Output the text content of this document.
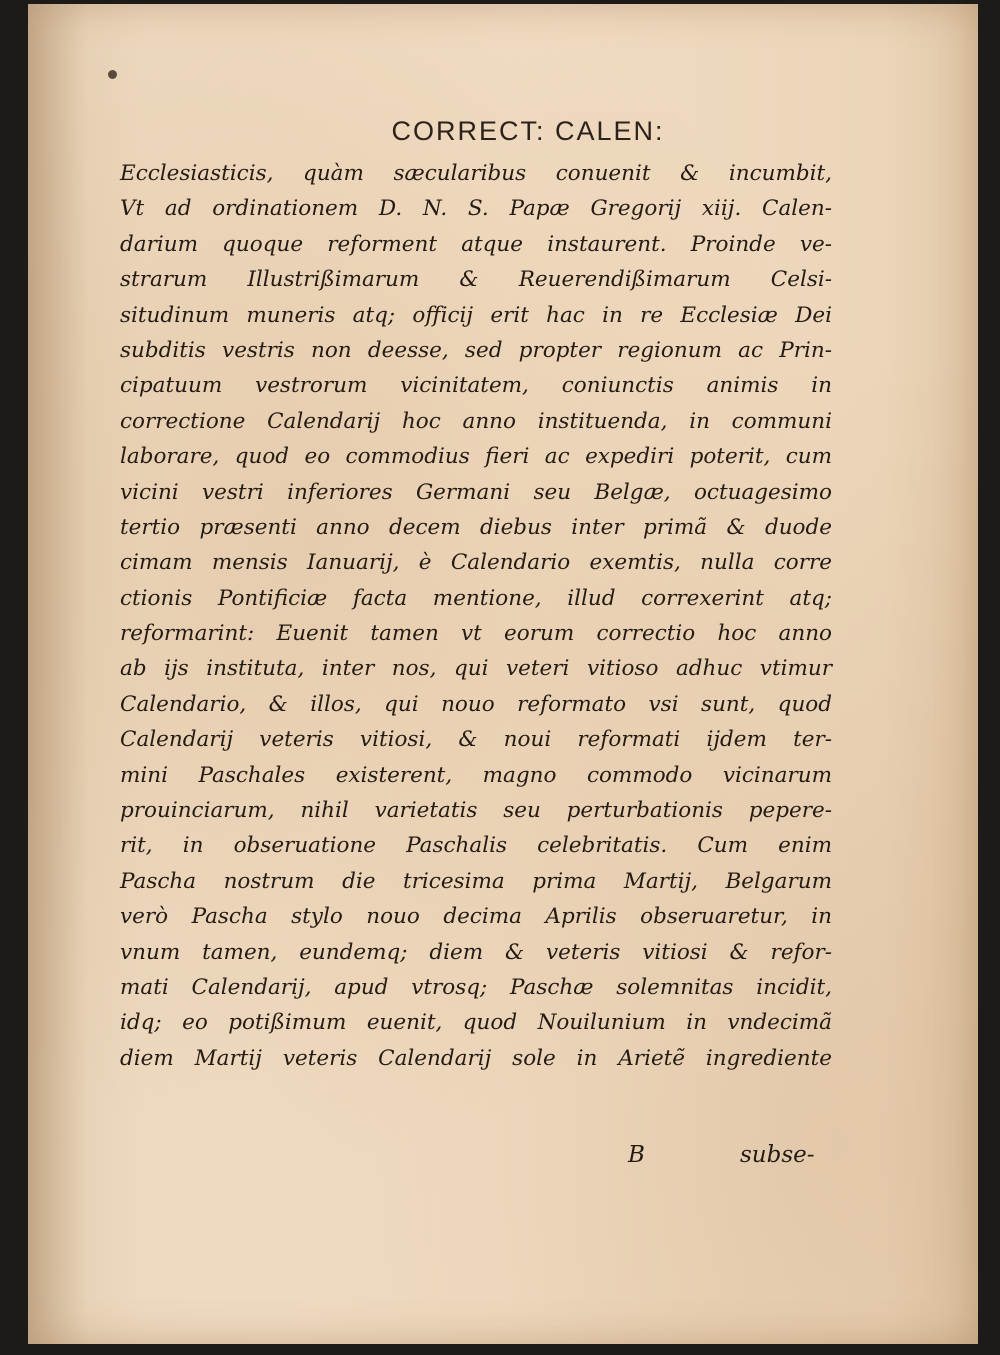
CORRECT: CALEN:
Ecclesiasticis, quàm sæcularibus conuenit & incumbit,
Vt ad ordinationem D. N. S. Papæ Gregorij xiij. Calen-
darium quoque reforment atque instaurent. Proinde ve-
strarum Illustrißimarum & Reuerendißimarum Celsi-
situdinum muneris atq; officij erit hac in re Ecclesiæ Dei
subditis vestris non deesse, sed propter regionum ac Prin-
cipatuum vestrorum vicinitatem, coniunctis animis in
correctione Calendarij hoc anno instituenda, in communi
laborare, quod eo commodius fieri ac expediri poterit, cum
vicini vestri inferiores Germani seu Belgæ, octuagesimo
tertio præsenti anno decem diebus inter primã & duode
cimam mensis Ianuarij, è Calendario exemtis, nulla corre
ctionis Pontificiæ facta mentione, illud correxerint atq;
reformarint: Euenit tamen vt eorum correctio hoc anno
ab ijs instituta, inter nos, qui veteri vitioso adhuc vtimur
Calendario, & illos, qui nouo reformato vsi sunt, quod
Calendarij veteris vitiosi, & noui reformati ijdem ter-
mini Paschales existerent, magno commodo vicinarum
prouinciarum, nihil varietatis seu perturbationis pepere-
rit, in obseruatione Paschalis celebritatis. Cum enim
Pascha nostrum die tricesima prima Martij, Belgarum
verò Pascha stylo nouo decima Aprilis obseruaretur, in
vnum tamen, eundemq; diem & veteris vitiosi & refor-
mati Calendarij, apud vtrosq; Paschæ solemnitas incidit,
idq; eo potißimum euenit, quod Nouilunium in vndecimã
diem Martij veteris Calendarij sole in Arietẽ ingrediente
B	subse-
